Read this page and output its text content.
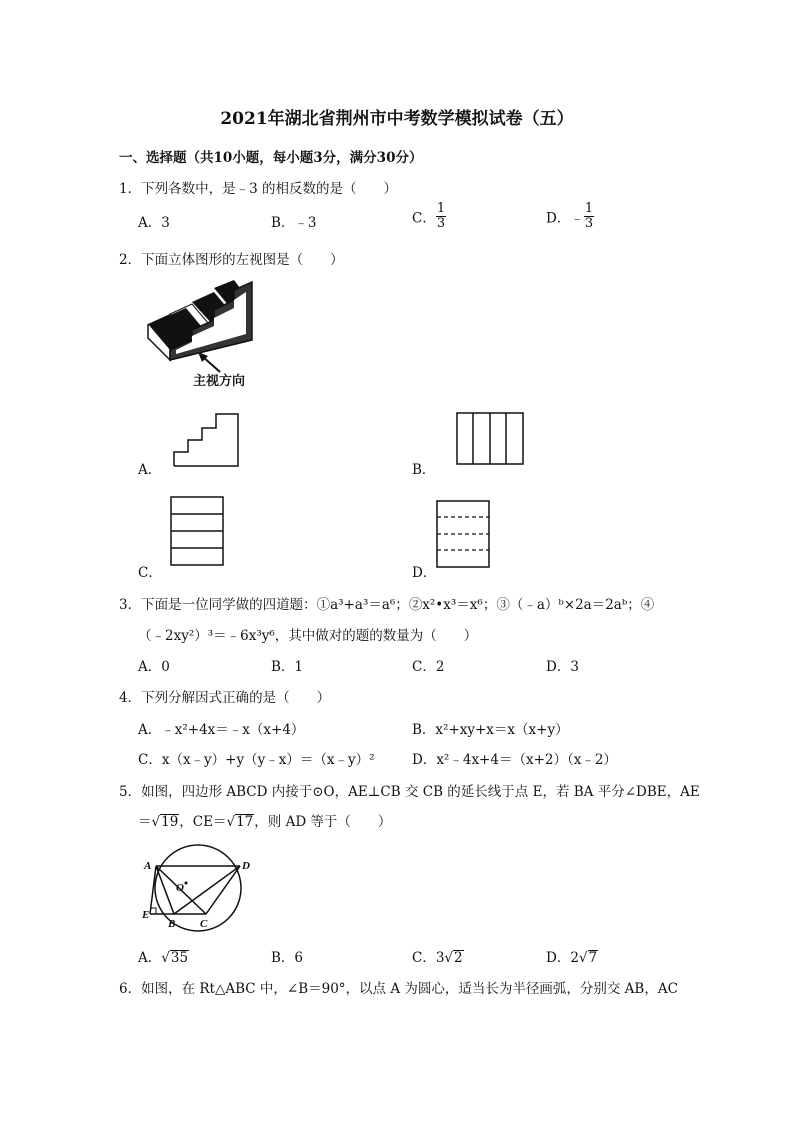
2021年湖北省荆州市中考数学模拟试卷（五）
一、选择题（共10小题，每小题3分，满分30分）
1．下列各数中，是﹣3 的相反数的是（　　）
A．3	B．﹣3	C． $\frac{1}{3}$	D．﹣ $\frac{1}{3}$
2．下面立体图形的左视图是（　　）
主视方向
A．	B．
C．	D．
3．下面是一位同学做的四道题：①a³+a³＝a⁶；②x²•x³＝x⁶；③（﹣a）ᵇ×2a＝2aᵇ；④
（﹣2xy²）³＝﹣6x³y⁶，其中做对的题的数量为（　　）
A．0	B．1	C．2	D．3
4．下列分解因式正确的是（　　）
A．﹣x²+4x＝﹣x（x+4）	B．x²+xy+x＝x（x+y）
C．x（x﹣y）+y（y﹣x）＝（x﹣y）²	D．x²﹣4x+4＝（x+2）（x﹣2）
5．如图，四边形 ABCD 内接于⊙O，AE⊥CB 交 CB 的延长线于点 E，若 BA 平分∠DBE，AE
＝√19，CE＝√17，则 AD 等于（　　）
A	D
O
E
B C
A．√35	B．6	C．3√2	D．2√7
6．如图，在 Rt△ABC 中，∠B＝90°，以点 A 为圆心，适当长为半径画弧，分别交 AB，AC
